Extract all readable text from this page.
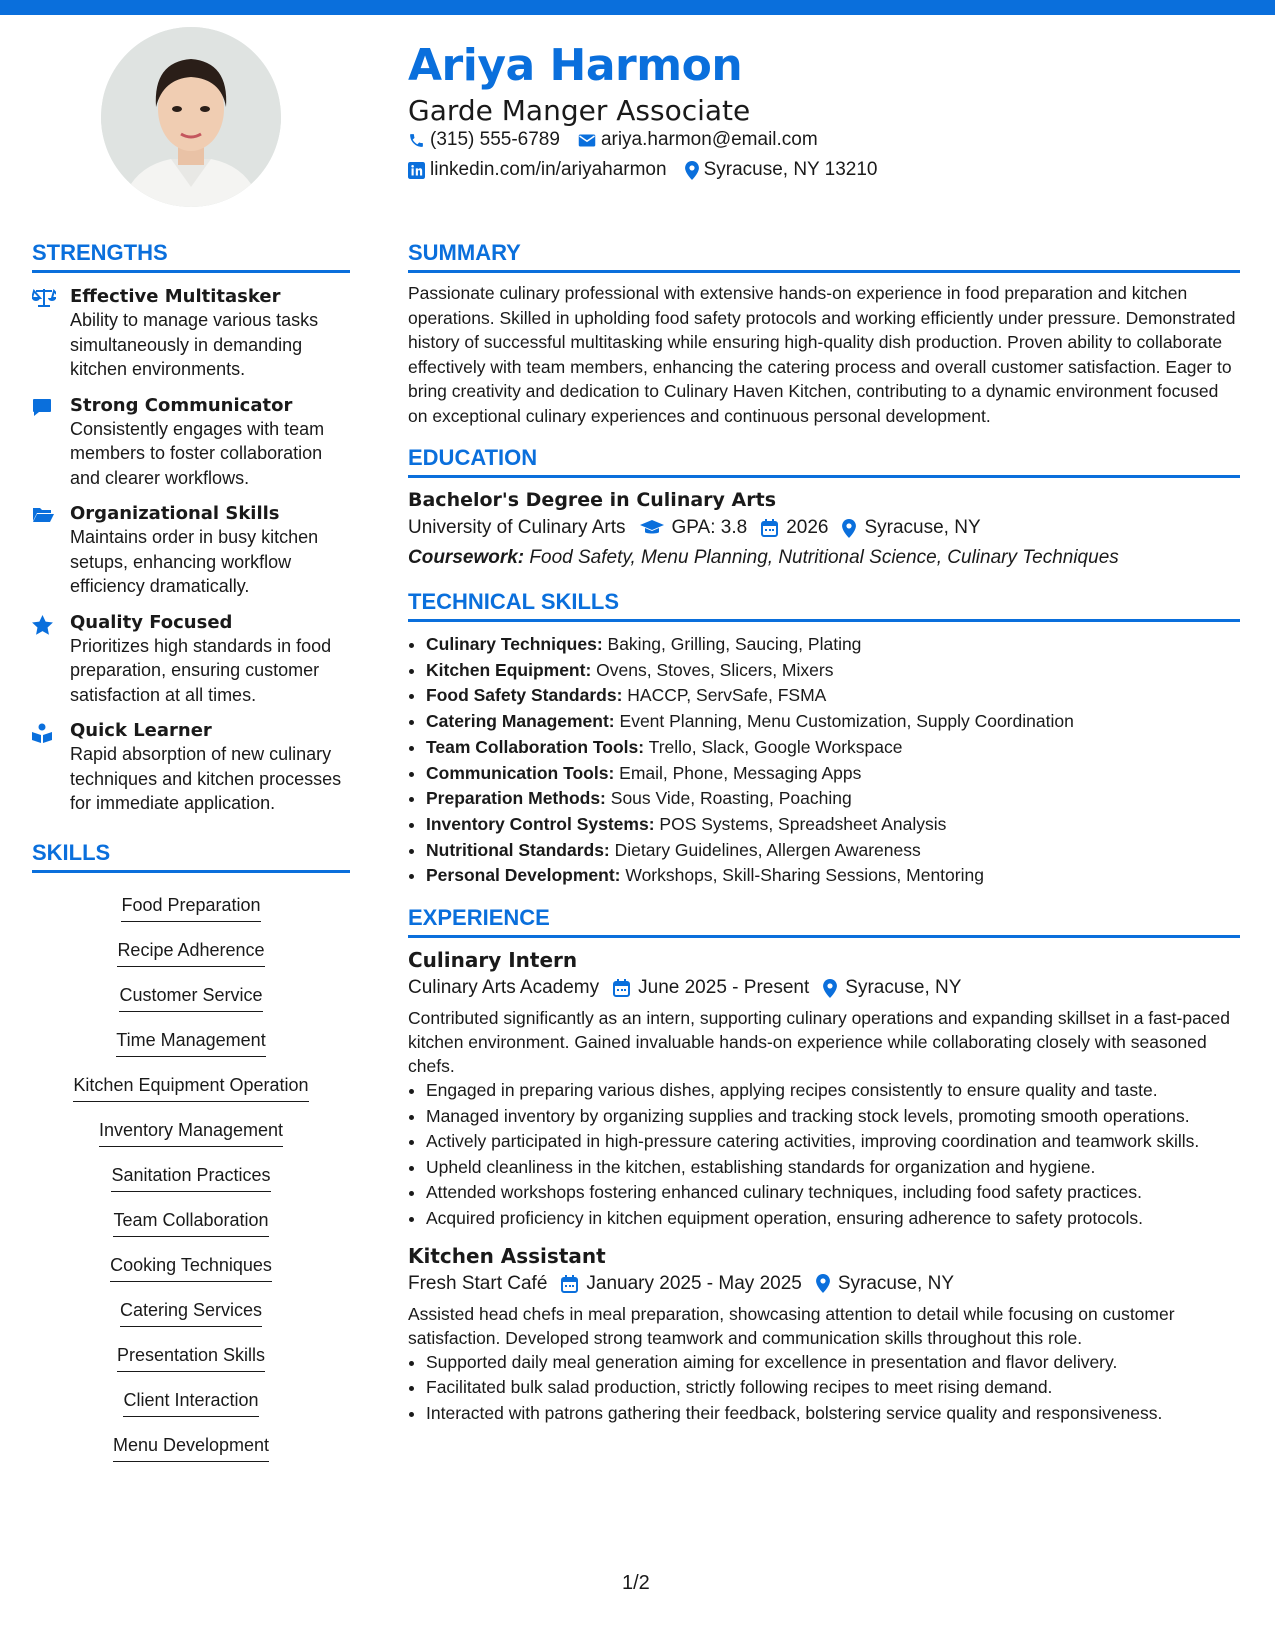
Ariya Harmon
Garde Manger Associate
(315) 555-6789 ariya.harmon@email.com
linkedin.com/in/ariyaharmon Syracuse, NY 13210
STRENGTHS
Effective Multitasker
Ability to manage various tasks simultaneously in demanding kitchen environments.
Strong Communicator
Consistently engages with team members to foster collaboration and clearer workflows.
Organizational Skills
Maintains order in busy kitchen setups, enhancing workflow efficiency dramatically.
Quality Focused
Prioritizes high standards in food preparation, ensuring customer satisfaction at all times.
Quick Learner
Rapid absorption of new culinary techniques and kitchen processes for immediate application.
SKILLS
Food Preparation
Recipe Adherence
Customer Service
Time Management
Kitchen Equipment Operation
Inventory Management
Sanitation Practices
Team Collaboration
Cooking Techniques
Catering Services
Presentation Skills
Client Interaction
Menu Development
SUMMARY

Passionate culinary professional with extensive hands-on experience in food preparation and kitchen operations. Skilled in upholding food safety protocols and working efficiently under pressure. Demonstrated history of successful multitasking while ensuring high-quality dish production. Proven ability to collaborate effectively with team members, enhancing the catering process and overall customer satisfaction. Eager to bring creativity and dedication to Culinary Haven Kitchen, contributing to a dynamic environment focused on exceptional culinary experiences and continuous personal development.

EDUCATION
Bachelor's Degree in Culinary Arts
University of Culinary Arts GPA: 3.8 2026 Syracuse, NY
Coursework: Food Safety, Menu Planning, Nutritional Science, Culinary Techniques
TECHNICAL SKILLS
• Culinary Techniques: Baking, Grilling, Saucing, Plating
• Kitchen Equipment: Ovens, Stoves, Slicers, Mixers
• Food Safety Standards: HACCP, ServSafe, FSMA
• Catering Management: Event Planning, Menu Customization, Supply Coordination
• Team Collaboration Tools: Trello, Slack, Google Workspace
• Communication Tools: Email, Phone, Messaging Apps
• Preparation Methods: Sous Vide, Roasting, Poaching
• Inventory Control Systems: POS Systems, Spreadsheet Analysis
• Nutritional Standards: Dietary Guidelines, Allergen Awareness
• Personal Development: Workshops, Skill-Sharing Sessions, Mentoring
EXPERIENCE
Culinary Intern
Culinary Arts Academy June 2025 - Present Syracuse, NY
Contributed significantly as an intern, supporting culinary operations and expanding skillset in a fast-paced kitchen environment. Gained invaluable hands-on experience while collaborating closely with seasoned chefs.
• Engaged in preparing various dishes, applying recipes consistently to ensure quality and taste.
• Managed inventory by organizing supplies and tracking stock levels, promoting smooth operations.
• Actively participated in high-pressure catering activities, improving coordination and teamwork skills.
• Upheld cleanliness in the kitchen, establishing standards for organization and hygiene.
• Attended workshops fostering enhanced culinary techniques, including food safety practices.
• Acquired proficiency in kitchen equipment operation, ensuring adherence to safety protocols.
Kitchen Assistant
Fresh Start Café January 2025 - May 2025 Syracuse, NY
Assisted head chefs in meal preparation, showcasing attention to detail while focusing on customer satisfaction. Developed strong teamwork and communication skills throughout this role.
• Supported daily meal generation aiming for excellence in presentation and flavor delivery.
• Facilitated bulk salad production, strictly following recipes to meet rising demand.
• Interacted with patrons gathering their feedback, bolstering service quality and responsiveness.
1/2
